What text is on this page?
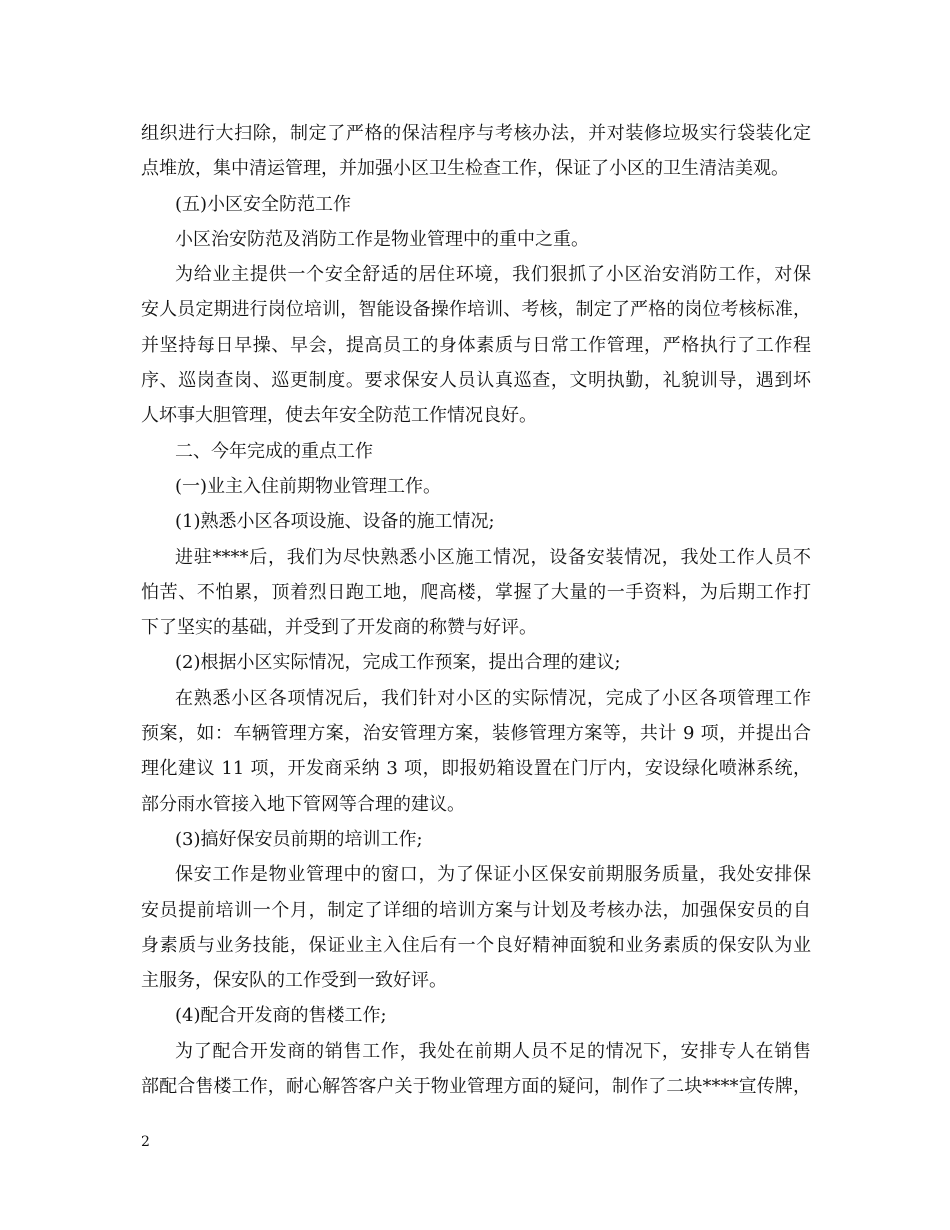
组织进行大扫除，制定了严格的保洁程序与考核办法，并对装修垃圾实行袋装化定
点堆放，集中清运管理，并加强小区卫生检查工作，保证了小区的卫生清洁美观。
(五)小区安全防范工作
小区治安防范及消防工作是物业管理中的重中之重。
为给业主提供一个安全舒适的居住环境，我们狠抓了小区治安消防工作，对保
安人员定期进行岗位培训，智能设备操作培训、考核，制定了严格的岗位考核标准，
并坚持每日早操、早会，提高员工的身体素质与日常工作管理，严格执行了工作程
序、巡岗查岗、巡更制度。要求保安人员认真巡查，文明执勤，礼貌训导，遇到坏
人坏事大胆管理，使去年安全防范工作情况良好。
二、今年完成的重点工作
(一)业主入住前期物业管理工作。
(1)熟悉小区各项设施、设备的施工情况;
进驻****后，我们为尽快熟悉小区施工情况，设备安装情况，我处工作人员不
怕苦、不怕累，顶着烈日跑工地，爬高楼，掌握了大量的一手资料，为后期工作打
下了坚实的基础，并受到了开发商的称赞与好评。
(2)根据小区实际情况，完成工作预案，提出合理的建议;
在熟悉小区各项情况后，我们针对小区的实际情况，完成了小区各项管理工作
预案，如：车辆管理方案，治安管理方案，装修管理方案等，共计 9 项，并提出合
理化建议 11 项，开发商采纳 3 项，即报奶箱设置在门厅内，安设绿化喷淋系统，
部分雨水管接入地下管网等合理的建议。
(3)搞好保安员前期的培训工作;
保安工作是物业管理中的窗口，为了保证小区保安前期服务质量，我处安排保
安员提前培训一个月，制定了详细的培训方案与计划及考核办法，加强保安员的自
身素质与业务技能，保证业主入住后有一个良好精神面貌和业务素质的保安队为业
主服务，保安队的工作受到一致好评。
(4)配合开发商的售楼工作;
为了配合开发商的销售工作，我处在前期人员不足的情况下，安排专人在销售
部配合售楼工作，耐心解答客户关于物业管理方面的疑问，制作了二块****宣传牌，
2
